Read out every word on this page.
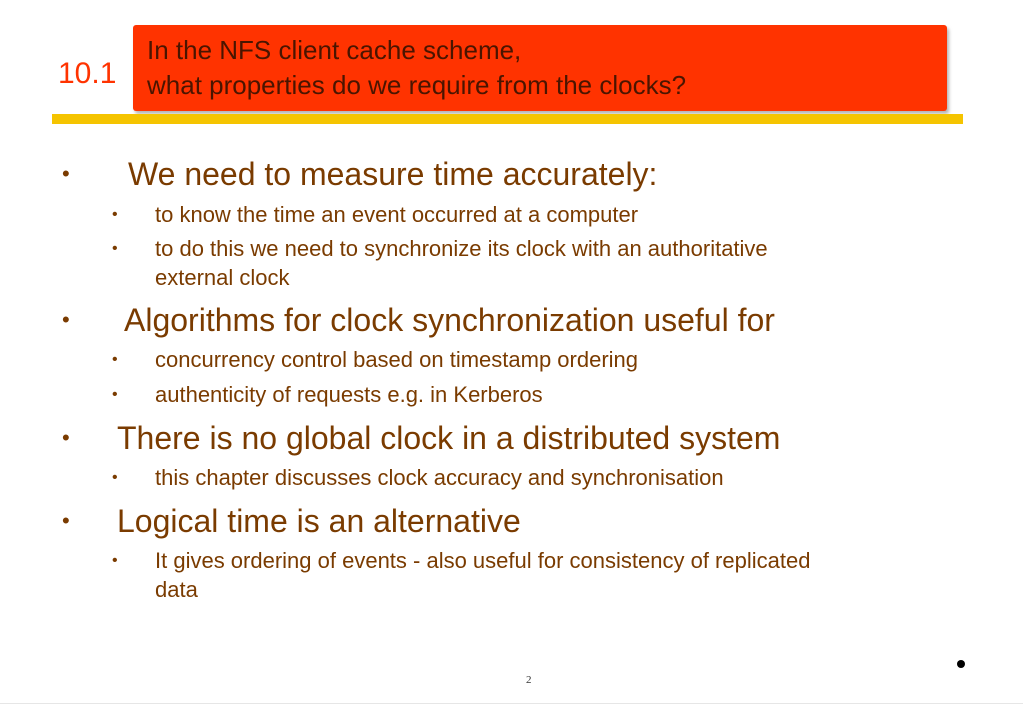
10.1
In the NFS client cache scheme,
what properties do we require from the clocks?
• We need to measure time accurately:
• to know the time an event occurred at a computer
• to do this we need to synchronize its clock with an authoritative
external clock
• Algorithms for clock synchronization useful for
• concurrency control based on timestamp ordering
• authenticity of requests e.g. in Kerberos
• There is no global clock in a distributed system
• this chapter discusses clock accuracy and synchronisation
• Logical time is an alternative
• It gives ordering of events - also useful for consistency of replicated
data
2
